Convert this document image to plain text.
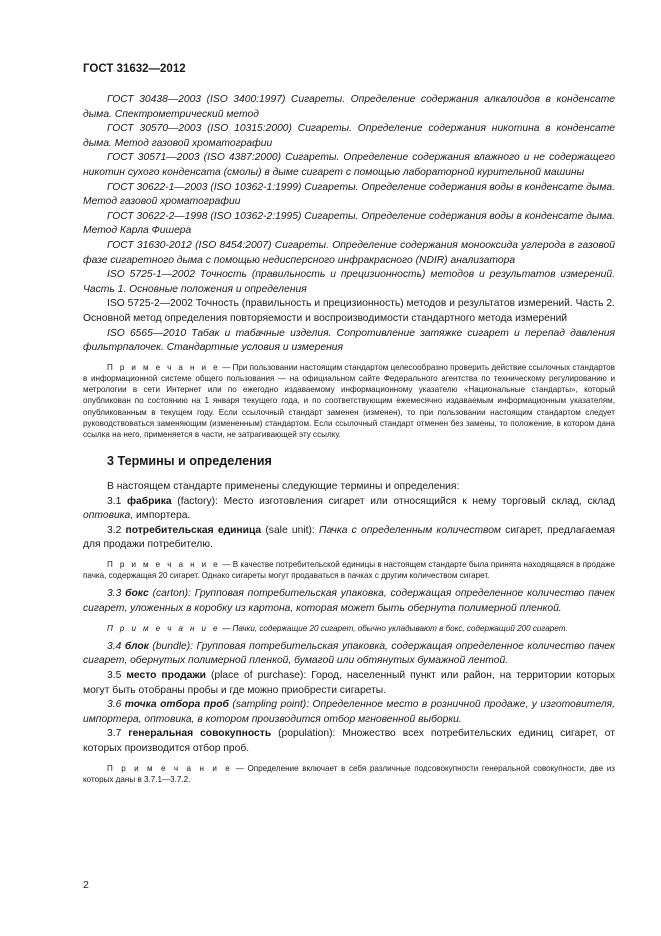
ГОСТ 31632—2012

ГОСТ 30438—2003 (ISO 3400:1997) Сигареты. Определение содержания алкалоидов в конденсате дыма. Спектрометрический метод

ГОСТ 30570—2003 (ISO 10315:2000) Сигареты. Определение содержания никотина в конденсате дыма. Метод газовой хроматографии

ГОСТ 30571—2003 (ISO 4387:2000) Сигареты. Определение содержания влажного и не содержащего никотин сухого конденсата (смолы) в дыме сигарет с помощью лабораторной курительной машины

ГОСТ 30622-1—2003 (ISO 10362-1:1999) Сигареты. Определение содержания воды в конденсате дыма. Метод газовой хроматографии

ГОСТ 30622-2—1998 (ISO 10362-2:1995) Сигареты. Определение содержания воды в конденсате дыма. Метод Карла Фишера

ГОСТ 31630-2012 (ISO 8454:2007) Сигареты. Определение содержания монооксида углерода в газовой фазе сигаретного дыма с помощью недисперсного инфракрасного (NDIR) анализатора

ISO 5725-1—2002 Точность (правильность и прецизионность) методов и результатов измерений. Часть 1. Основные положения и определения

ISO 5725-2—2002 Точность (правильность и прецизионность) методов и результатов измерений. Часть 2. Основной метод определения повторяемости и воспроизводимости стандартного метода измерений

ISO 6565—2010 Табак и табачные изделия. Сопротивление затяжке сигарет и перепад давления фильтрпалочек. Стандартные условия и измерения

П р и м е ч а н и е — При пользовании настоящим стандартом целесообразно проверить действие ссылочных стандартов в информационной системе общего пользования — на официальном сайте Федерального агентства по техническому регулированию и метрологии в сети Интернет или по ежегодно издаваемому информационному указателю «Национальные стандарты», который опубликован по состоянию на 1 января текущего года, и по соответствующим ежемесячно издаваемым информационным указателям, опубликованным в текущем году. Если ссылочный стандарт заменен (изменен), то при пользовании настоящим стандартом следует руководствоваться заменяющим (измененным) стандартом. Если ссылочный стандарт отменен без замены, то положение, в котором дана ссылка на него, применяется в части, не затрагивающей эту ссылку.

3 Термины и определения

В настоящем стандарте применены следующие термины и определения:

3.1 фабрика (factory): Место изготовления сигарет или относящийся к нему торговый склад, склад оптовика, импортера.

3.2 потребительская единица (sale unit): Пачка с определенным количеством сигарет, предлагаемая для продажи потребителю.

П р и м е ч а н и е — В качестве потребительской единицы в настоящем стандарте была принята находящаяся в продаже пачка, содержащая 20 сигарет. Однако сигареты могут продаваться в пачках с другим количеством сигарет.

3.3 бокс (carton): Групповая потребительская упаковка, содержащая определенное количество пачек сигарет, уложенных в коробку из картона, которая может быть обернута полимерной пленкой.

П р и м е ч а н и е — Пачки, содержащие 20 сигарет, обычно укладывают в бокс, содержащий 200 сигарет.

3.4 блок (bundle): Групповая потребительская упаковка, содержащая определенное количество пачек сигарет, обернутых полимерной пленкой, бумагой или обтянутых бумажной лентой.

3.5 место продажи (place of purchase): Город, населенный пункт или район, на территории которых могут быть отобраны пробы и где можно приобрести сигареты.

3.6 точка отбора проб (sampling point): Определенное место в розничной продаже, у изготовителя, импортера, оптовика, в котором производится отбор мгновенной выборки.

3.7 генеральная совокупность (population): Множество всех потребительских единиц сигарет, от которых производится отбор проб.

П р и м е ч а н и е — Определение включает в себя различные подсовокупности генеральной совокупности, две из которых даны в 3.7.1—3.7.2.

2
